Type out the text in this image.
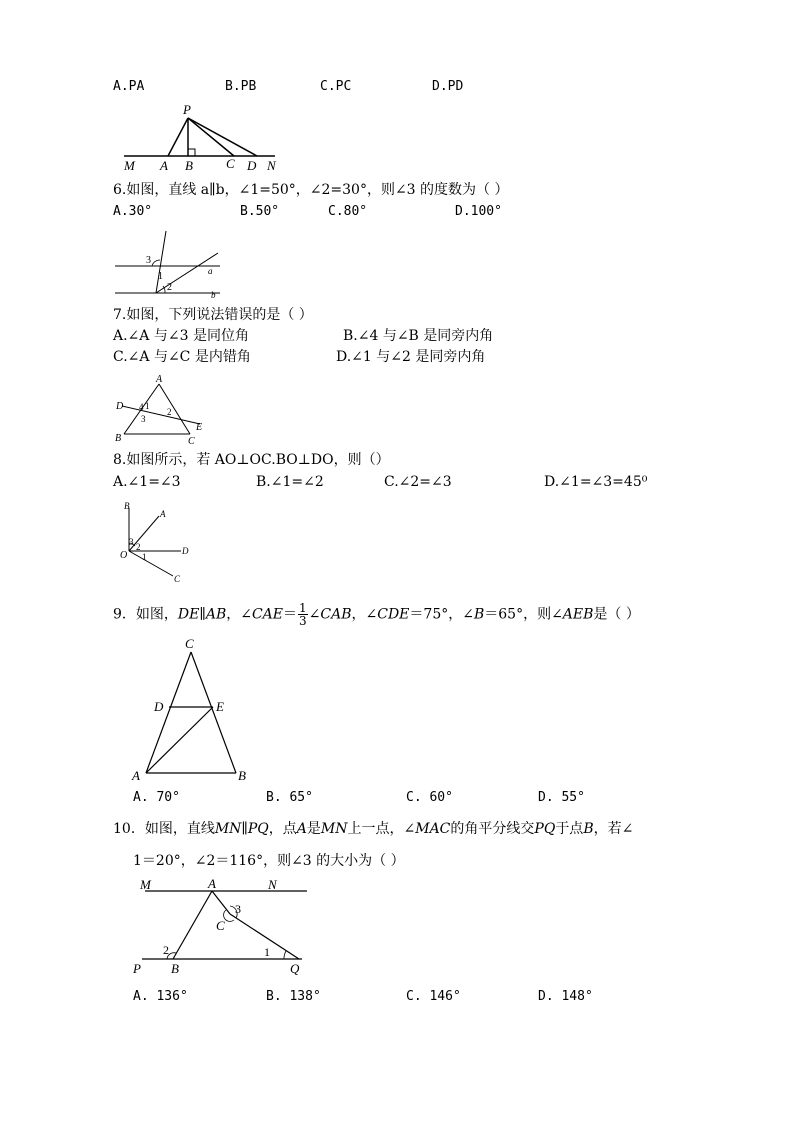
A.PA	B.PB	C.PC	D.PD
P
M A B	C D N
6.如图，直线 a∥b，∠1=50°，∠2=30°，则∠3 的度数为（ ）
A.30°	B.50°	C.80°	D.100°
3
1
2
a
b
7.如图，下列说法错误的是（ ）
A.∠A 与∠3 是同位角	B.∠4 与∠B 是同旁内角
C.∠A 与∠C 是内错角	D.∠1 与∠2 是同旁内角
A
D
E
B	C
4 1
3
2
8.如图所示，若 AO⊥OC.BO⊥DO，则（）
A.∠1=∠3	B.∠1=∠2	C.∠2=∠3	D.∠1=∠3=45⁰
B
A
D
C
O
3 2
1
9．如图，DE∥AB，∠CAE＝ $\frac{1}{3}$ ∠CAB，∠CDE＝75°，∠B＝65°，则∠AEB是（ ）
C
D	E
A	B
A. 70°	B. 65°	C. 60°	D. 55°
10．如图，直线MN∥PQ，点A是MN上一点，∠MAC的角平分线交PQ于点B，若∠
1＝20°，∠2＝116°，则∠3 的大小为（ ）
M	A	N
C
3
2	1
P B	Q
A. 136°	B. 138°	C. 146°	D. 148°
